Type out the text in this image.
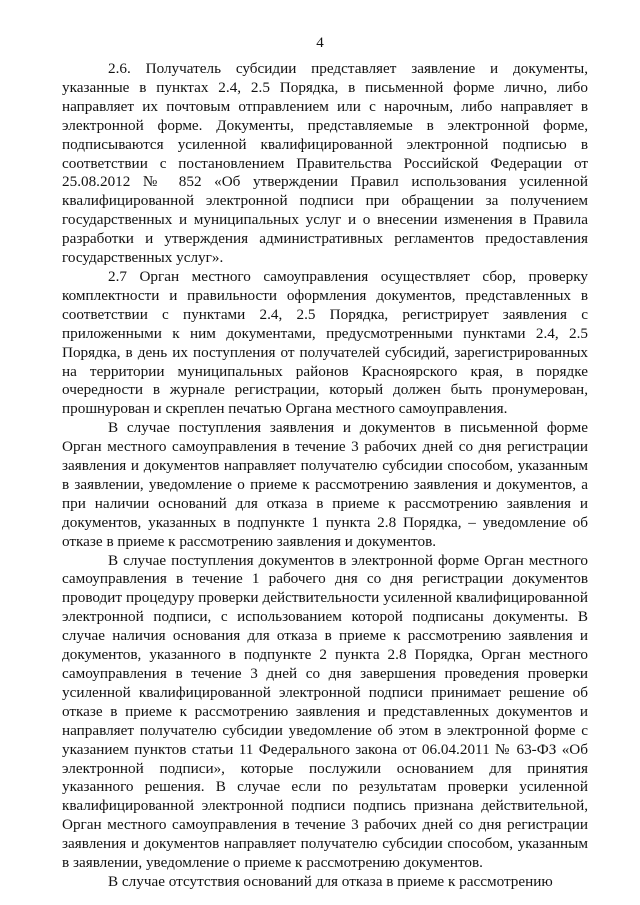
4

2.6. Получатель субсидии представляет заявление и документы, указанные в пунктах 2.4, 2.5 Порядка, в письменной форме лично, либо направляет их почтовым отправлением или с нарочным, либо направляет в электронной форме. Документы, представляемые в электронной форме, подписываются усиленной квалифицированной электронной подписью в соответствии с постановлением Правительства Российской Федерации от 25.08.2012 № 852 «Об утверждении Правил использования усиленной квалифицированной электронной подписи при обращении за получением государственных и муниципальных услуг и о внесении изменения в Правила разработки и утверждения административных регламентов предоставления государственных услуг».

2.7 Орган местного самоуправления осуществляет сбор, проверку комплектности и правильности оформления документов, представленных в соответствии с пунктами 2.4, 2.5 Порядка, регистрирует заявления с приложенными к ним документами, предусмотренными пунктами 2.4, 2.5 Порядка, в день их поступления от получателей субсидий, зарегистрированных на территории муниципальных районов Красноярского края, в порядке очередности в журнале регистрации, который должен быть пронумерован, прошнурован и скреплен печатью Органа местного самоуправления.

В случае поступления заявления и документов в письменной форме Орган местного самоуправления в течение 3 рабочих дней со дня регистрации заявления и документов направляет получателю субсидии способом, указанным в заявлении, уведомление о приеме к рассмотрению заявления и документов, а при наличии оснований для отказа в приеме к рассмотрению заявления и документов, указанных в подпункте 1 пункта 2.8 Порядка, – уведомление об отказе в приеме к рассмотрению заявления и документов.

В случае поступления документов в электронной форме Орган местного самоуправления в течение 1 рабочего дня со дня регистрации документов проводит процедуру проверки действительности усиленной квалифицированной электронной подписи, с использованием которой подписаны документы. В случае наличия основания для отказа в приеме к рассмотрению заявления и документов, указанного в подпункте 2 пункта 2.8 Порядка, Орган местного самоуправления в течение 3 дней со дня завершения проведения проверки усиленной квалифицированной электронной подписи принимает решение об отказе в приеме к рассмотрению заявления и представленных документов и направляет получателю субсидии уведомление об этом в электронной форме с указанием пунктов статьи 11 Федерального закона от 06.04.2011 № 63-ФЗ «Об электронной подписи», которые послужили основанием для принятия указанного решения. В случае если по результатам проверки усиленной квалифицированной электронной подписи подпись признана действительной, Орган местного самоуправления в течение 3 рабочих дней со дня регистрации заявления и документов направляет получателю субсидии способом, указанным в заявлении, уведомление о приеме к рассмотрению документов.

В случае отсутствия оснований для отказа в приеме к рассмотрению
